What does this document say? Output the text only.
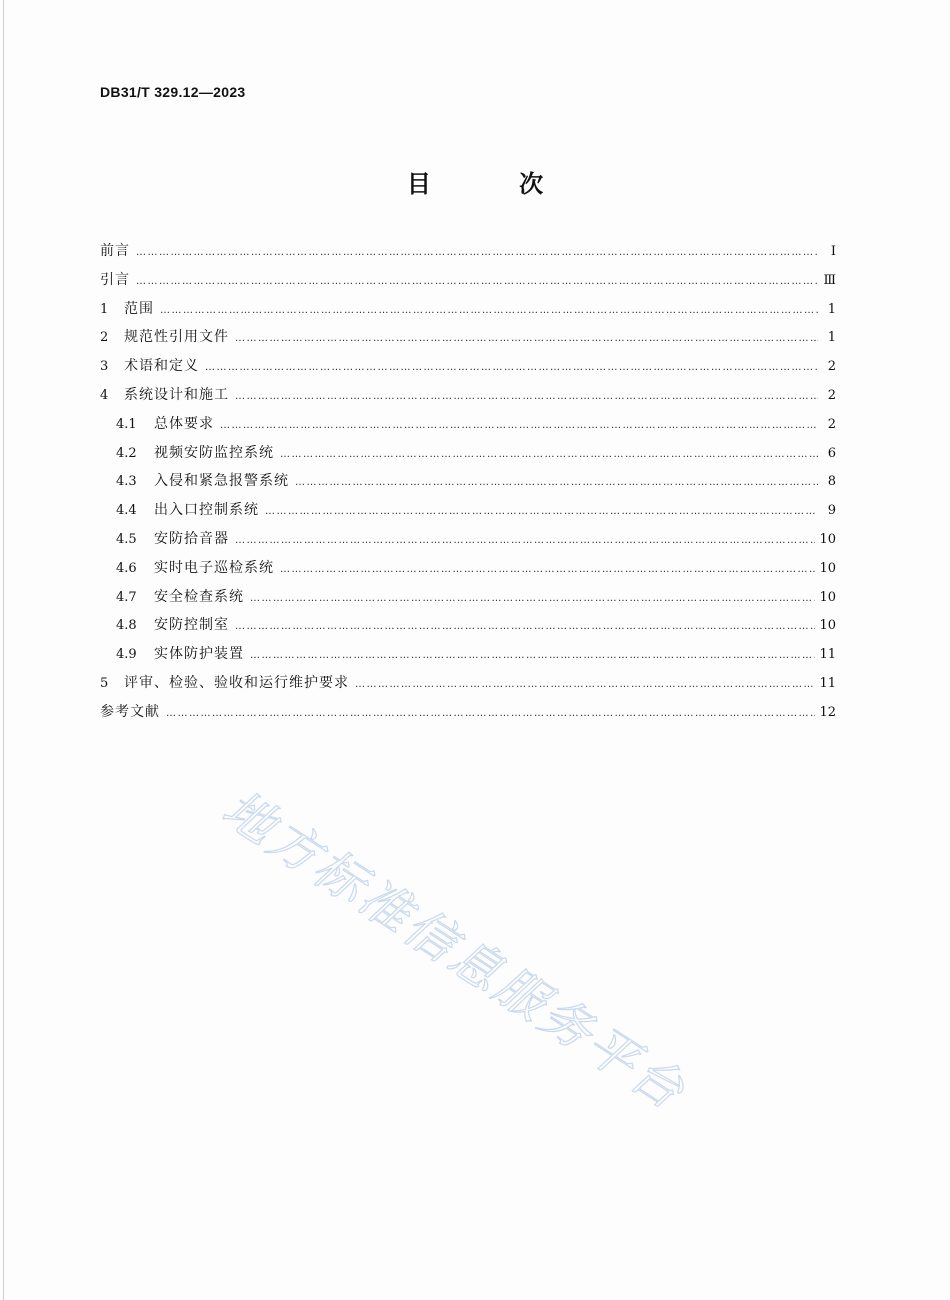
DB31/T 329.12—2023
目 次
前言 ……………………………………………………………………………………………………………………………………………………………………………………………………………………	Ⅰ
引言 ……………………………………………………………………………………………………………………………………………………………………………………………………………………	Ⅲ
1	范围 ……………………………………………………………………………………………………………………………………………………………………………………………………………………	1
2	规范性引用文件 ……………………………………………………………………………………………………………………………………………………………………………………………………………………	1
3	术语和定义 ……………………………………………………………………………………………………………………………………………………………………………………………………………………	2
4	系统设计和施工 ……………………………………………………………………………………………………………………………………………………………………………………………………………………	2
4.1	总体要求 ……………………………………………………………………………………………………………………………………………………………………………………………………………………	2
4.2	视频安防监控系统 ……………………………………………………………………………………………………………………………………………………………………………………………………………………	6
4.3	入侵和紧急报警系统 ……………………………………………………………………………………………………………………………………………………………………………………………………………………	8
4.4	出入口控制系统 ……………………………………………………………………………………………………………………………………………………………………………………………………………………	9
4.5	安防拾音器 ……………………………………………………………………………………………………………………………………………………………………………………………………………………	10
4.6	实时电子巡检系统 ……………………………………………………………………………………………………………………………………………………………………………………………………………………	10
4.7	安全检查系统 ……………………………………………………………………………………………………………………………………………………………………………………………………………………	10
4.8	安防控制室 ……………………………………………………………………………………………………………………………………………………………………………………………………………………	10
4.9	实体防护装置 ……………………………………………………………………………………………………………………………………………………………………………………………………………………	11
5	评审、检验、验收和运行维护要求 ……………………………………………………………………………………………………………………………………………………………………………………………………………………	11
参考文献 ……………………………………………………………………………………………………………………………………………………………………………………………………………………	12
地方标准信息服务平台
